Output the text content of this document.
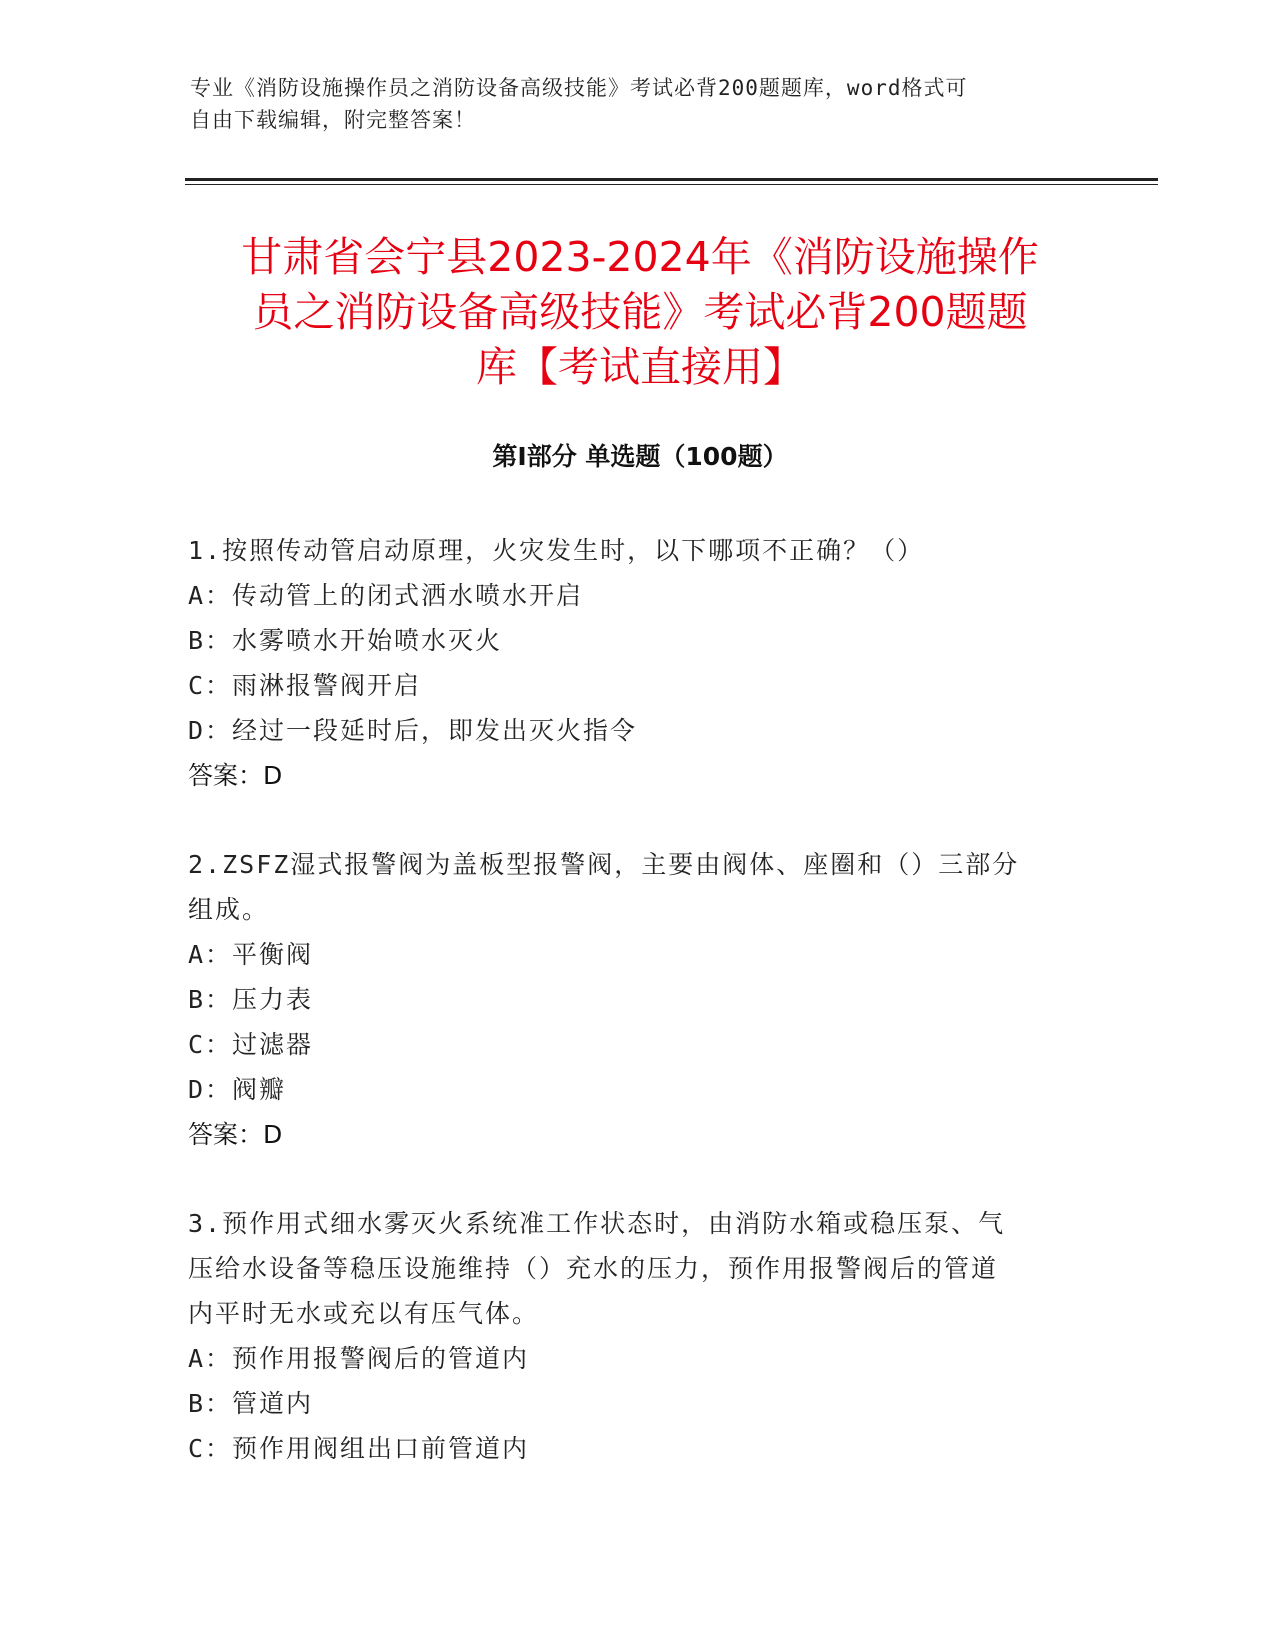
专业《消防设施操作员之消防设备高级技能》考试必背200题题库，word格式可
自由下载编辑，附完整答案！
甘肃省会宁县2023-2024年《消防设施操作
员之消防设备高级技能》考试必背200题题
库【考试直接用】
第Ⅰ部分 单选题（100题）
1.按照传动管启动原理，火灾发生时，以下哪项不正确？（）
A：传动管上的闭式洒水喷水开启
B：水雾喷水开始喷水灭火
C：雨淋报警阀开启
D：经过一段延时后，即发出灭火指令
答案：D
2.ZSFZ湿式报警阀为盖板型报警阀，主要由阀体、座圈和（）三部分
组成。
A：平衡阀
B：压力表
C：过滤器
D：阀瓣
答案：D
3.预作用式细水雾灭火系统准工作状态时，由消防水箱或稳压泵、气
压给水设备等稳压设施维持（）充水的压力，预作用报警阀后的管道
内平时无水或充以有压气体。
A：预作用报警阀后的管道内
B：管道内
C：预作用阀组出口前管道内
